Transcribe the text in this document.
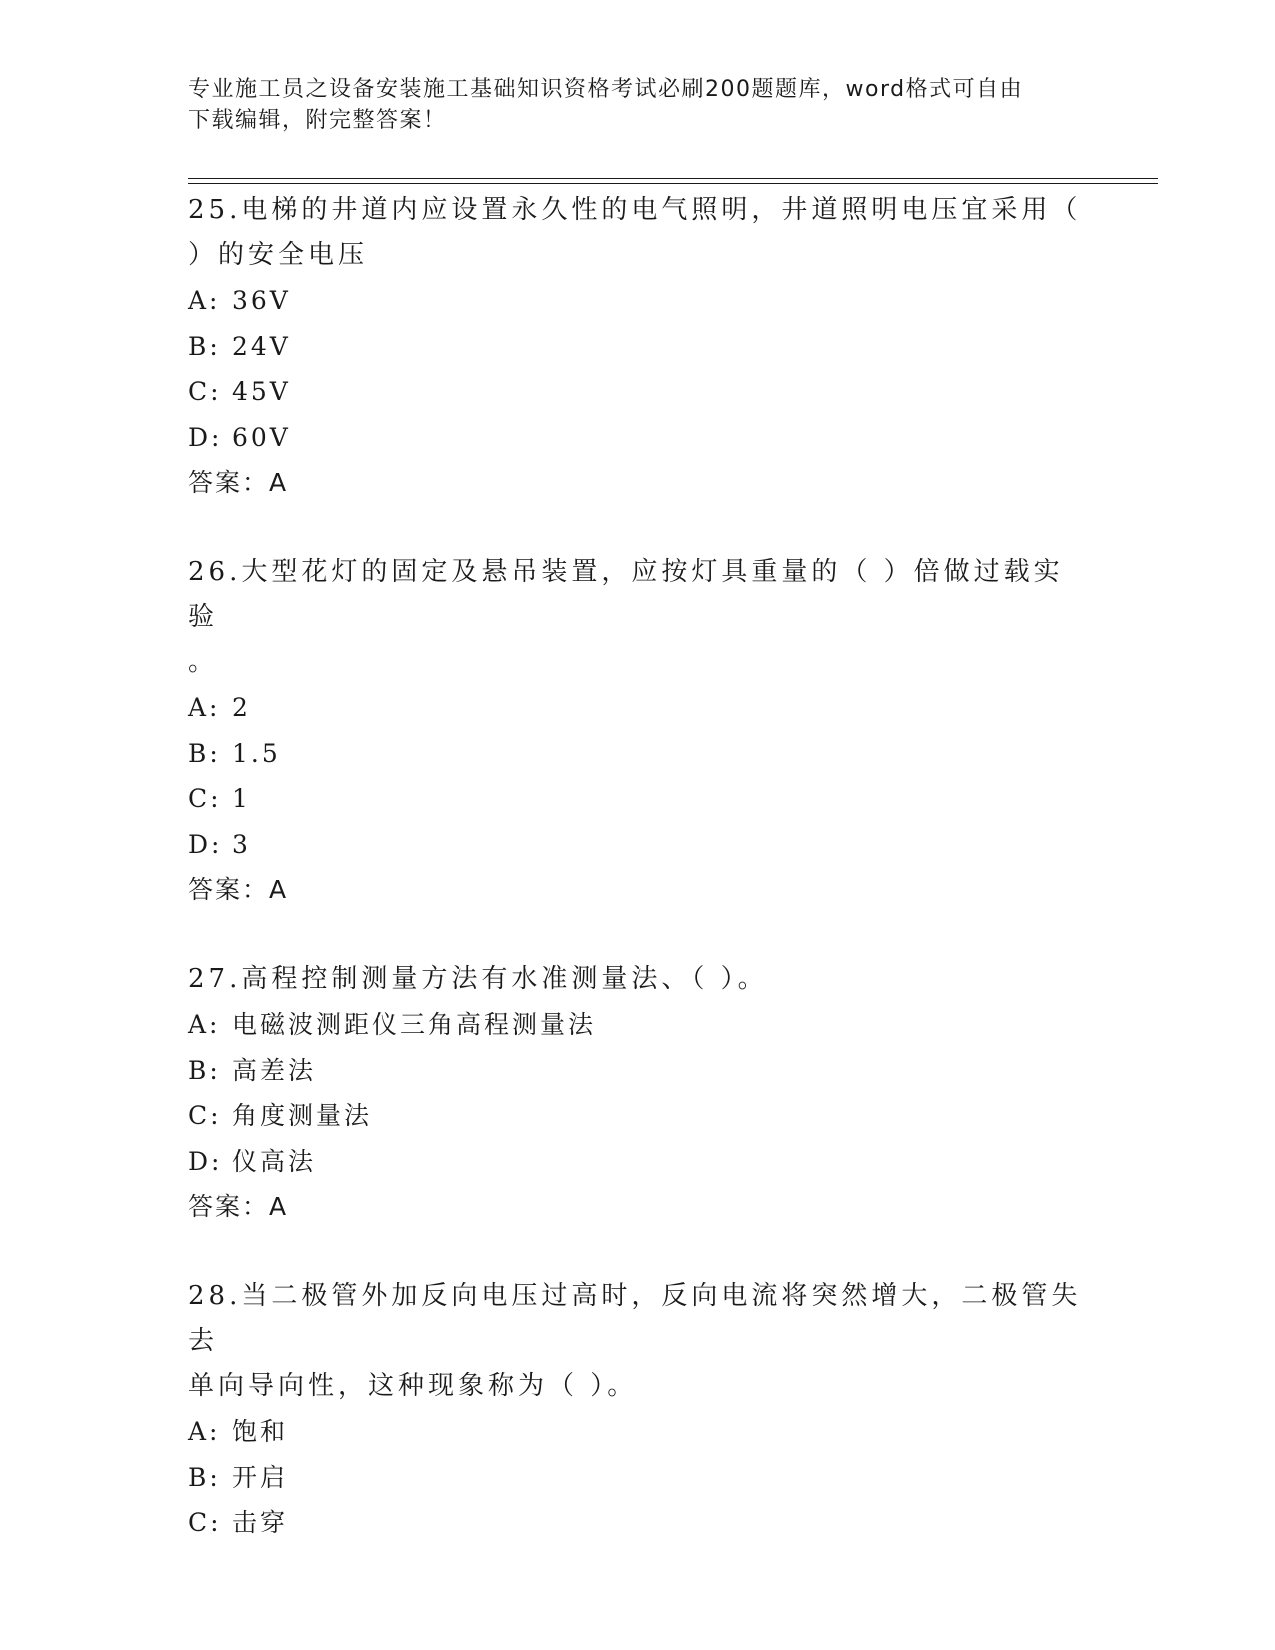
专业施工员之设备安装施工基础知识资格考试必刷200题题库，word格式可自由
下载编辑，附完整答案！

25.电梯的井道内应设置永久性的电气照明，井道照明电压宜采用（

）的安全电压

A: 36V

B: 24V

C: 45V

D: 60V

答案：A

26.大型花灯的固定及悬吊装置，应按灯具重量的（ ）倍做过载实验

。

A: 2

B: 1.5

C: 1

D: 3

答案：A

27.高程控制测量方法有水准测量法、（ ）。

A: 电磁波测距仪三角高程测量法

B: 高差法

C: 角度测量法

D: 仪高法

答案：A

28.当二极管外加反向电压过高时，反向电流将突然增大，二极管失去

单向导向性，这种现象称为（ ）。

A: 饱和

B: 开启

C: 击穿
